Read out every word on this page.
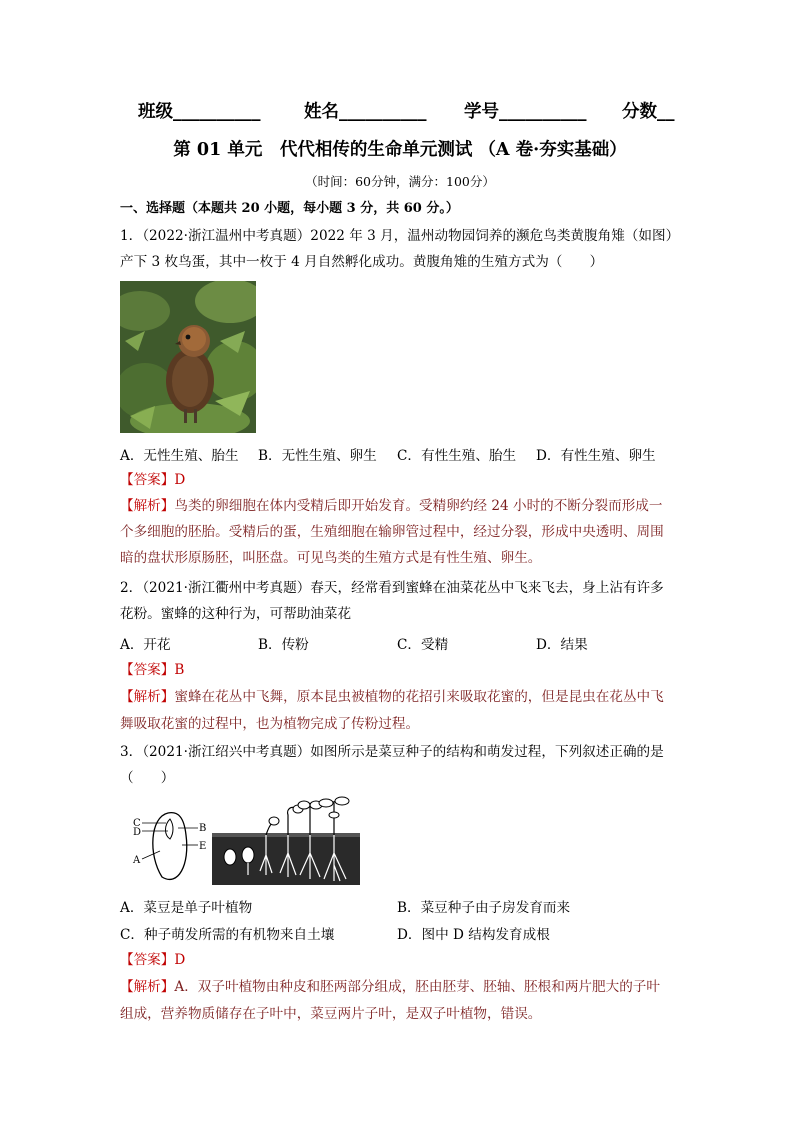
班级__________ 姓名__________ 学号__________ 分数__
第 01 单元　代代相传的生命单元测试 （A 卷·夯实基础）
（时间：60分钟，满分：100分）
一、选择题（本题共 20 小题，每小题 3 分，共 60 分。）
1．（2022·浙江温州中考真题）2022 年 3 月，温州动物园饲养的濒危鸟类黄腹角雉（如图）
产下 3 枚鸟蛋，其中一枚于 4 月自然孵化成功。黄腹角雉的生殖方式为（　　）
A．无性生殖、胎生 B．无性生殖、卵生 C．有性生殖、胎生 D．有性生殖、卵生
【答案】D
【解析】鸟类的卵细胞在体内受精后即开始发育。受精卵约经 24 小时的不断分裂而形成一
个多细胞的胚胎。受精后的蛋，生殖细胞在输卵管过程中，经过分裂，形成中央透明、周围
暗的盘状形原肠胚，叫胚盘。可见鸟类的生殖方式是有性生殖、卵生。
2．（2021·浙江衢州中考真题）春天，经常看到蜜蜂在油菜花丛中飞来飞去，身上沾有许多
花粉。蜜蜂的这种行为，可帮助油菜花
A．开花	B．传粉	C．受精	D．结果
【答案】B
【解析】蜜蜂在花丛中飞舞，原本昆虫被植物的花招引来吸取花蜜的，但是昆虫在花丛中飞
舞吸取花蜜的过程中，也为植物完成了传粉过程。
3．（2021·浙江绍兴中考真题）如图所示是菜豆种子的结构和萌发过程，下列叙述正确的是
（　　）
C
D	B
E
A
A．菜豆是单子叶植物	B．菜豆种子由子房发育而来
C．种子萌发所需的有机物来自土壤	D．图中 D 结构发育成根
【答案】D
【解析】A．双子叶植物由种皮和胚两部分组成，胚由胚芽、胚轴、胚根和两片肥大的子叶
组成，营养物质储存在子叶中，菜豆两片子叶，是双子叶植物，错误。
